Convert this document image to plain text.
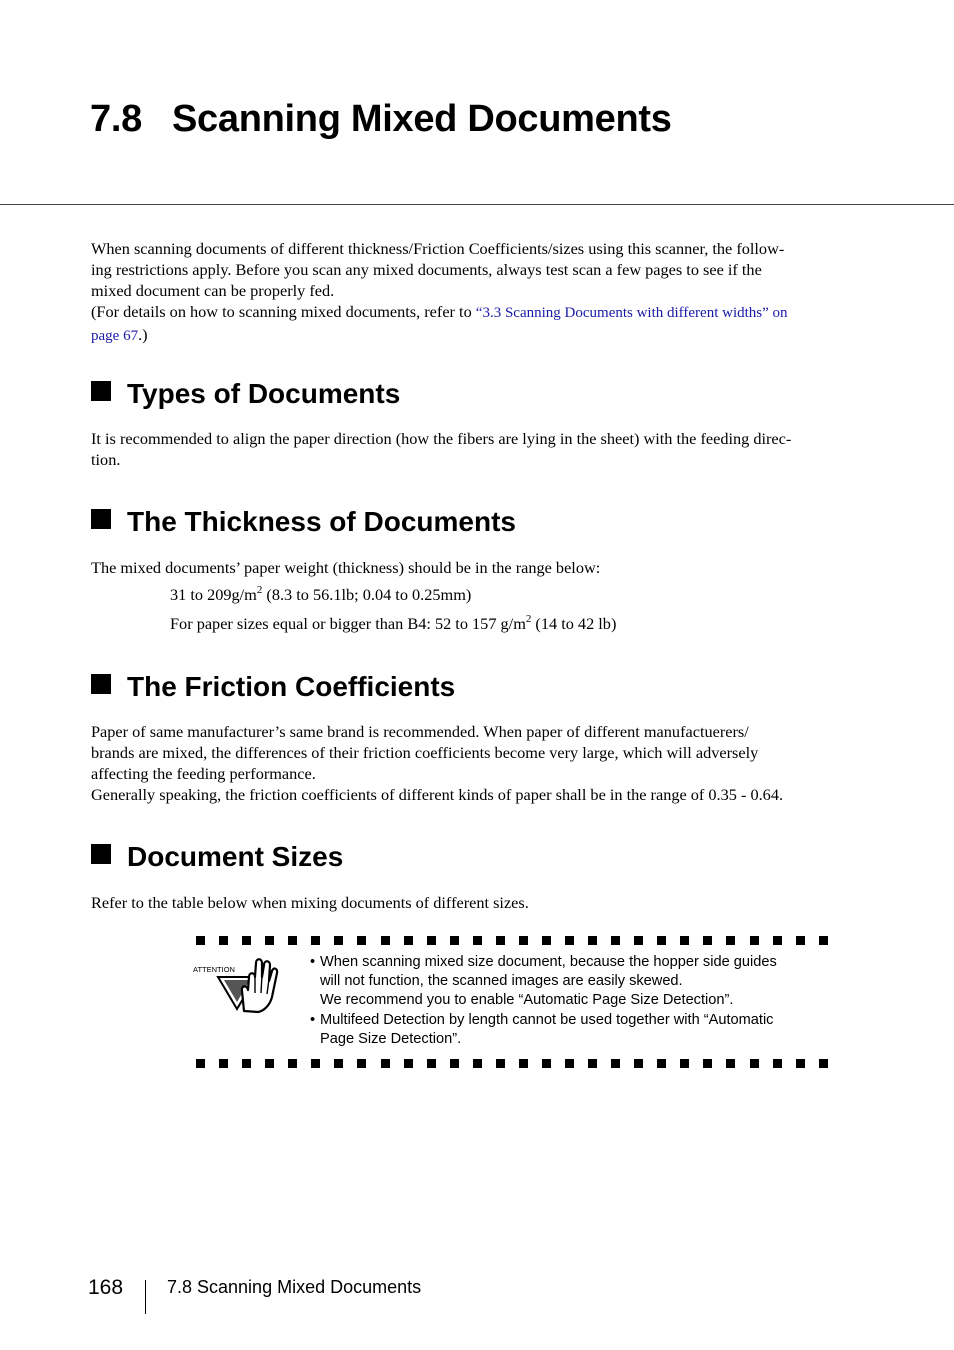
7.8 Scanning Mixed Documents

When scanning documents of different thickness/Friction Coefficients/sizes using this scanner, the follow-
ing restrictions apply. Before you scan any mixed documents, always test scan a few pages to see if the
mixed document can be properly fed.
(For details on how to scanning mixed documents, refer to “3.3 Scanning Documents with different widths” on
page 67.)

Types of Documents

It is recommended to align the paper direction (how the fibers are lying in the sheet) with the feeding direc-
tion.

The Thickness of Documents

The mixed documents’ paper weight (thickness) should be in the range below:

31 to $209g/m^2$ (8.3 to 56.1lb; 0.04 to 0.25mm)

For paper sizes equal or bigger than B4: 52 to 157 $g/m^2$ (14 to 42 lb)

The Friction Coefficients

Paper of same manufacturer’s same brand is recommended. When paper of different manufactuerers/
brands are mixed, the differences of their friction coefficients become very large, which will adversely
affecting the feeding performance.
Generally speaking, the friction coefficients of different kinds of paper shall be in the range of 0.35 - 0.64.

Document Sizes

Refer to the table below when mixing documents of different sizes.

ATTENTION
•	When scanning mixed size document, because the hopper side guides
will not function, the scanned images are easily skewed.
We recommend you to enable “Automatic Page Size Detection”.
• Multifeed Detection by length cannot be used together with “Automatic
Page Size Detection”.
168 7.8 Scanning Mixed Documents
